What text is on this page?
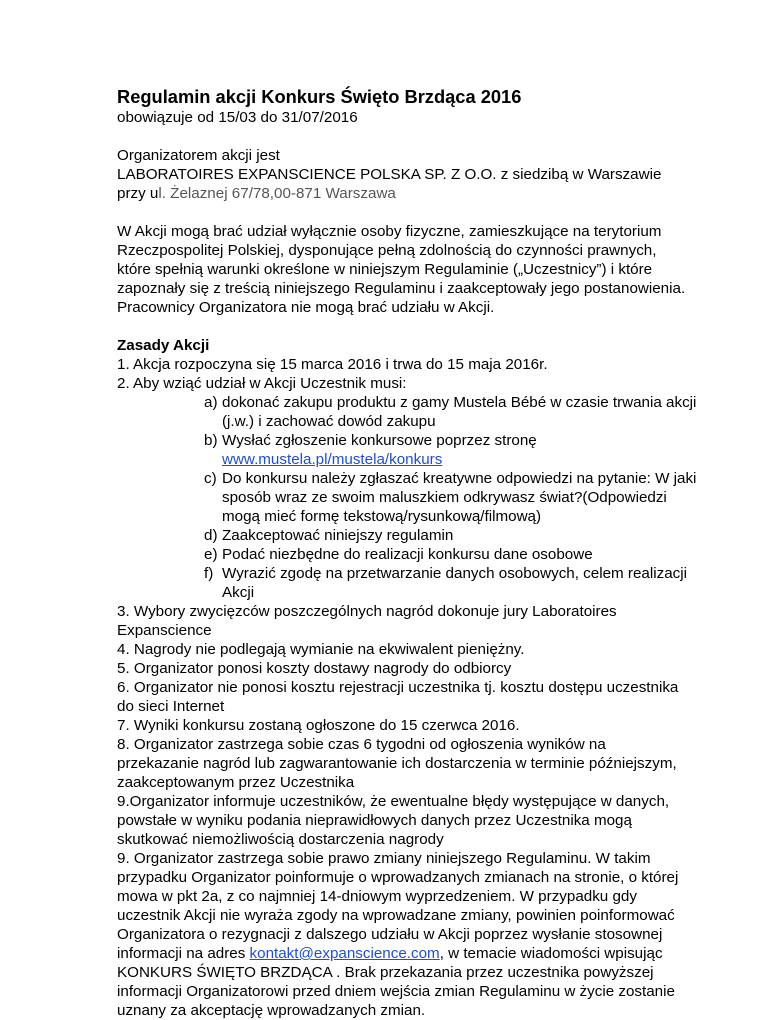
Regulamin akcji Konkurs Święto Brzdąca 2016
obowiązuje od 15/03 do 31/07/2016
Organizatorem akcji jest
LABORATOIRES EXPANSCIENCE POLSKA SP. Z O.O. z siedzibą w Warszawie
przy ul. Żelaznej 67/78,00-871 Warszawa
W Akcji mogą brać udział wyłącznie osoby fizyczne, zamieszkujące na terytorium
Rzeczpospolitej Polskiej, dysponujące pełną zdolnością do czynności prawnych,
które spełnią warunki określone w niniejszym Regulaminie („Uczestnicy”) i które
zapoznały się z treścią niniejszego Regulaminu i zaakceptowały jego postanowienia.
Pracownicy Organizatora nie mogą brać udziału w Akcji.
Zasady Akcji
1. Akcja rozpoczyna się 15 marca 2016 i trwa do 15 maja 2016r.
2. Aby wziąć udział w Akcji Uczestnik musi:
a) dokonać zakupu produktu z gamy Mustela Bébé w czasie trwania akcji
(j.w.) i zachować dowód zakupu
b) Wysłać zgłoszenie konkursowe poprzez stronę
www.mustela.pl/mustela/konkurs
c) Do konkursu należy zgłaszać kreatywne odpowiedzi na pytanie: W jaki
sposób wraz ze swoim maluszkiem odkrywasz świat?(Odpowiedzi
mogą mieć formę tekstową/rysunkową/filmową)
d) Zaakceptować niniejszy regulamin
e) Podać niezbędne do realizacji konkursu dane osobowe
f) Wyrazić zgodę na przetwarzanie danych osobowych, celem realizacji
Akcji
3. Wybory zwycięzców poszczególnych nagród dokonuje jury Laboratoires
Expanscience
4. Nagrody nie podlegają wymianie na ekwiwalent pieniężny.
5. Organizator ponosi koszty dostawy nagrody do odbiorcy
6. Organizator nie ponosi kosztu rejestracji uczestnika tj. kosztu dostępu uczestnika
do sieci Internet
7. Wyniki konkursu zostaną ogłoszone do 15 czerwca 2016.
8. Organizator zastrzega sobie czas 6 tygodni od ogłoszenia wyników na
przekazanie nagród lub zagwarantowanie ich dostarczenia w terminie późniejszym,
zaakceptowanym przez Uczestnika
9.Organizator informuje uczestników, że ewentualne błędy występujące w danych,
powstałe w wyniku podania nieprawidłowych danych przez Uczestnika mogą
skutkować niemożliwością dostarczenia nagrody
9. Organizator zastrzega sobie prawo zmiany niniejszego Regulaminu. W takim
przypadku Organizator poinformuje o wprowadzanych zmianach na stronie, o której
mowa w pkt 2a, z co najmniej 14-dniowym wyprzedzeniem. W przypadku gdy
uczestnik Akcji nie wyraża zgody na wprowadzane zmiany, powinien poinformować
Organizatora o rezygnacji z dalszego udziału w Akcji poprzez wysłanie stosownej
informacji na adres kontakt@expanscience.com, w temacie wiadomości wpisując
KONKURS ŚWIĘTO BRZDĄCA . Brak przekazania przez uczestnika powyższej
informacji Organizatorowi przed dniem wejścia zmian Regulaminu w życie zostanie
uznany za akceptację wprowadzanych zmian.
